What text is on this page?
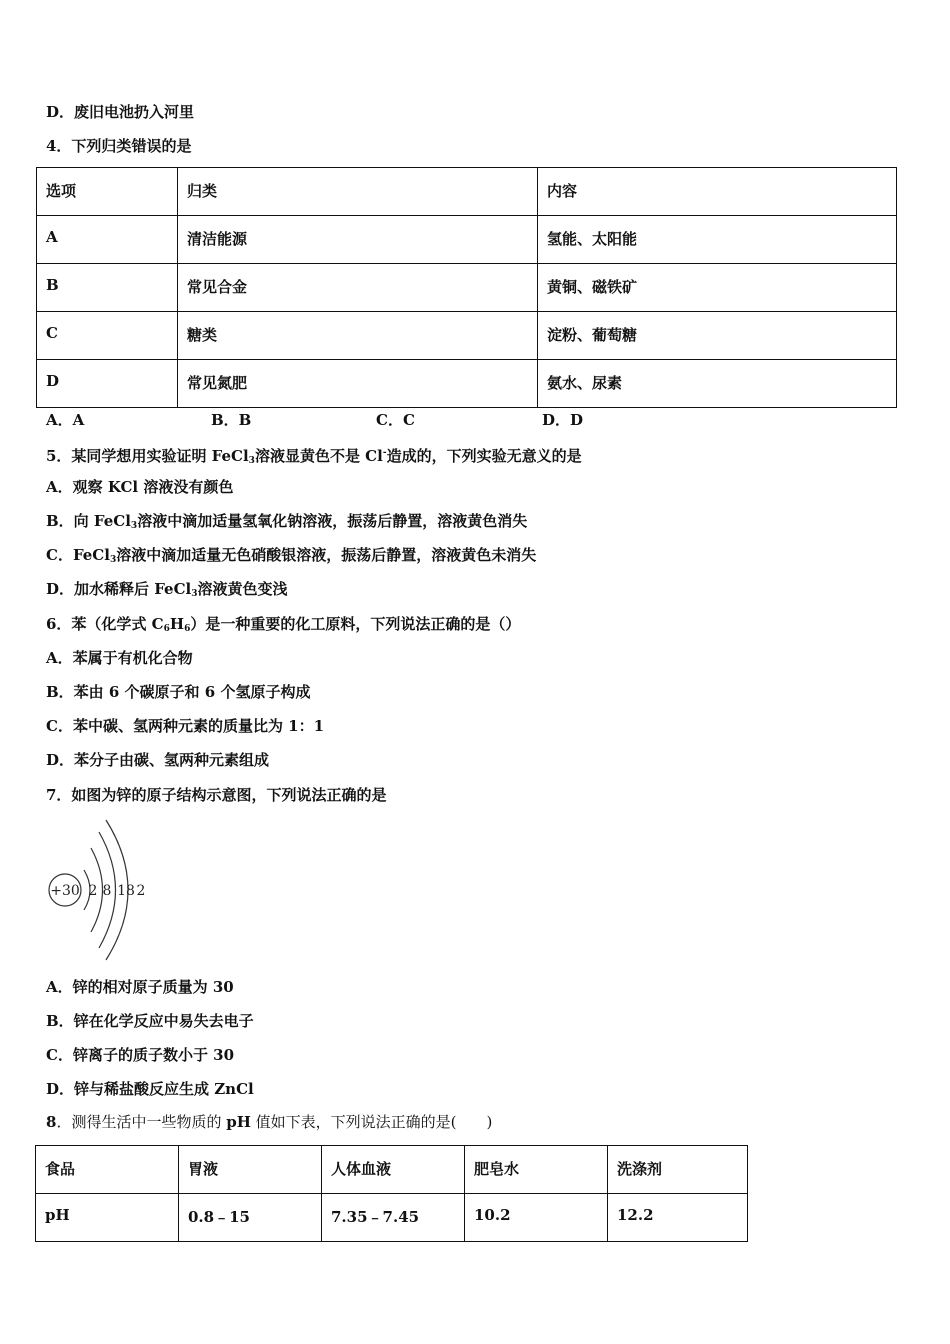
D．废旧电池扔入河里
4．下列归类错误的是
选项	归类	内容
A	清洁能源	氢能、太阳能
B	常见合金	黄铜、磁铁矿
C	糖类	淀粉、葡萄糖
D	常见氮肥	氨水、尿素
A．A	B．B	C．C	D．D
5．某同学想用实验证明 FeCl$_3$溶液显黄色不是 Cl-造成的，下列实验无意义的是
A．观察 KCl 溶液没有颜色
B．向 FeCl$_3$溶液中滴加适量氢氧化钠溶液，振荡后静置，溶液黄色消失
C．FeCl$_3$溶液中滴加适量无色硝酸银溶液，振荡后静置，溶液黄色未消失
D．加水稀释后 FeCl$_3$溶液黄色变浅
6．苯（化学式 $C_6H_6$）是一种重要的化工原料，下列说法正确的是（）
A．苯属于有机化合物
B．苯由 6 个碳原子和 6 个氢原子构成
C．苯中碳、氢两种元素的质量比为 1：1
D．苯分子由碳、氢两种元素组成
7．如图为锌的原子结构示意图，下列说法正确的是
+30 2 8 18 2
A．锌的相对原子质量为 30
B．锌在化学反应中易失去电子
C．锌离子的质子数小于 30
D．锌与稀盐酸反应生成 ZnCl
8．测得生活中一些物质的 pH 值如下表，下列说法正确的是(　　)
食品	胃液	人体血液	肥皂水	洗涤剂
pH	0.8﹣15	7.35﹣7.45	10.2	12.2
